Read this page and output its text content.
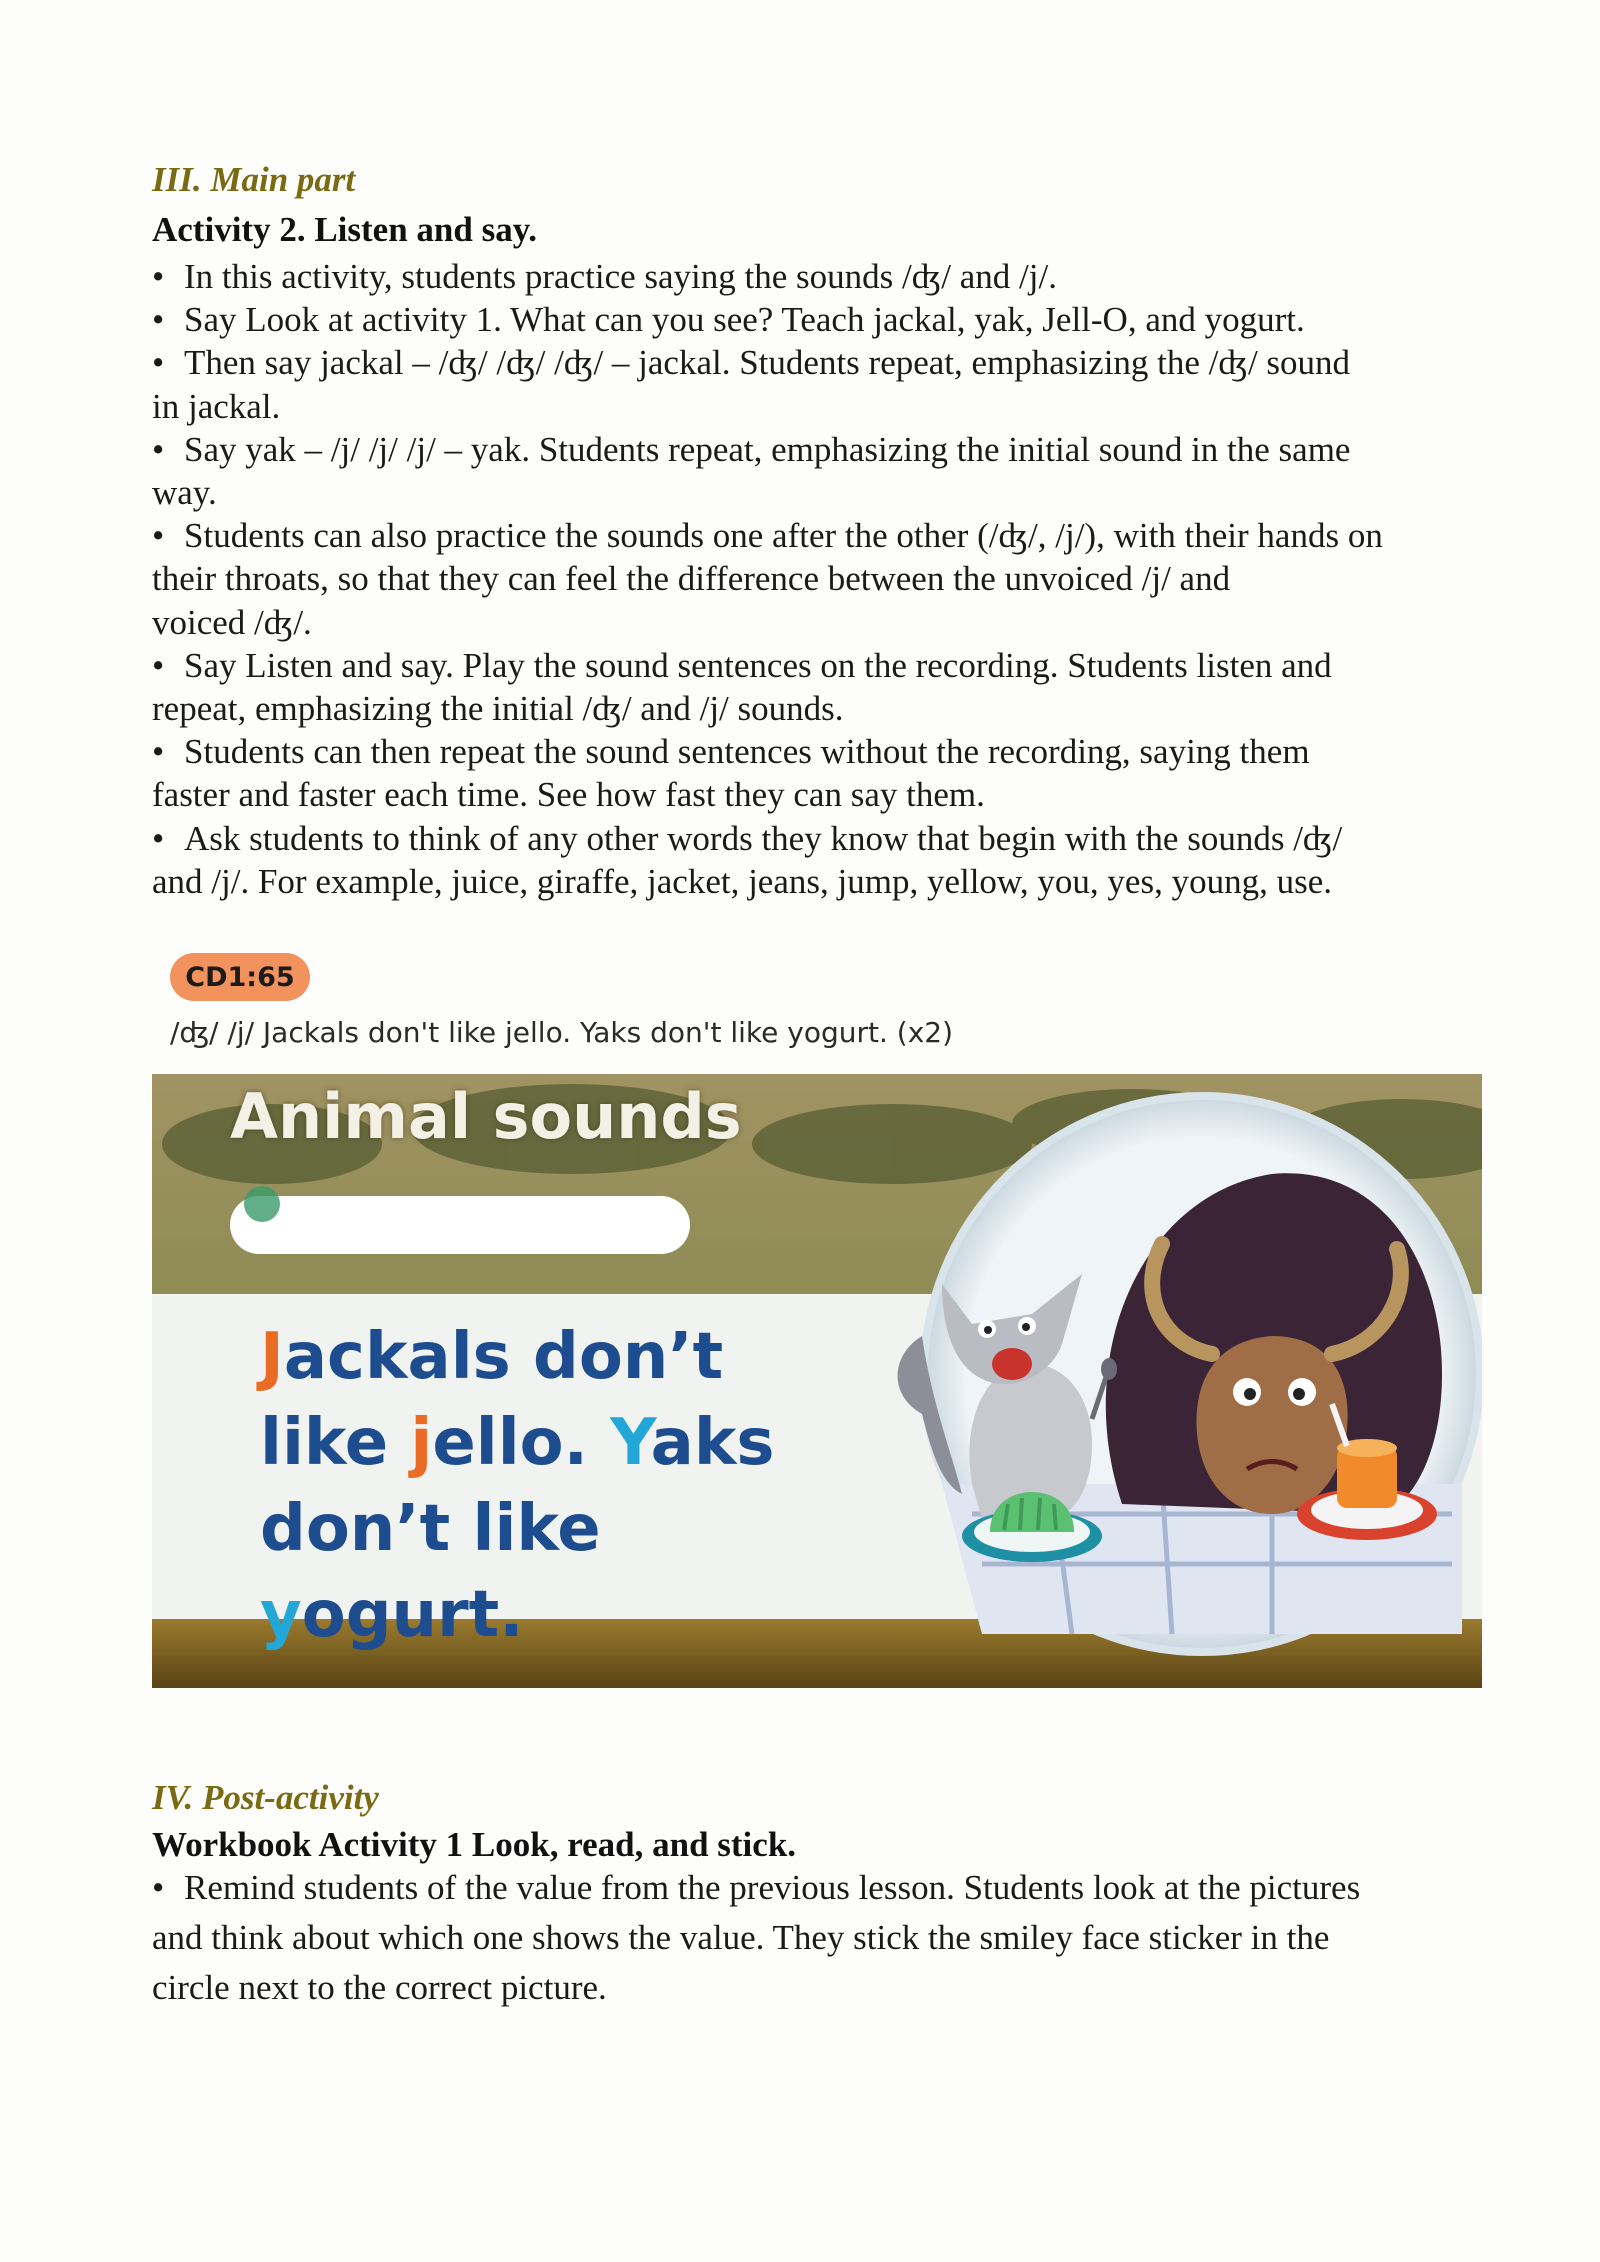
III. Main part
Activity 2. Listen and say.

• In this activity, students practice saying the sounds /ʤ/ and /j/.

• Say Look at activity 1. What can you see? Teach jackal, yak, Jell-O, and yogurt.

• Then say jackal – /ʤ/ /ʤ/ /ʤ/ – jackal. Students repeat, emphasizing the /ʤ/ sound

in jackal.

• Say yak – /j/ /j/ /j/ – yak. Students repeat, emphasizing the initial sound in the same

way.

• Students can also practice the sounds one after the other (/ʤ/, /j/), with their hands on

their throats, so that they can feel the difference between the unvoiced /j/ and

voiced /ʤ/.

• Say Listen and say. Play the sound sentences on the recording. Students listen and

repeat, emphasizing the initial /ʤ/ and /j/ sounds.

• Students can then repeat the sound sentences without the recording, saying them

faster and faster each time. See how fast they can say them.

• Ask students to think of any other words they know that begin with the sounds /ʤ/

and /j/. For example, juice, giraffe, jacket, jeans, jump, yellow, you, yes, young, use.

CD1:65
/ʤ/ /j/ Jackals don't like jello. Yaks don't like yogurt. (x2)
Animal sounds
Jackals don’t like jello. Yaks don’t like yogurt.
IV. Post-activity
Workbook Activity 1 Look, read, and stick.

• Remind students of the value from the previous lesson. Students look at the pictures

and think about which one shows the value. They stick the smiley face sticker in the

circle next to the correct picture.
